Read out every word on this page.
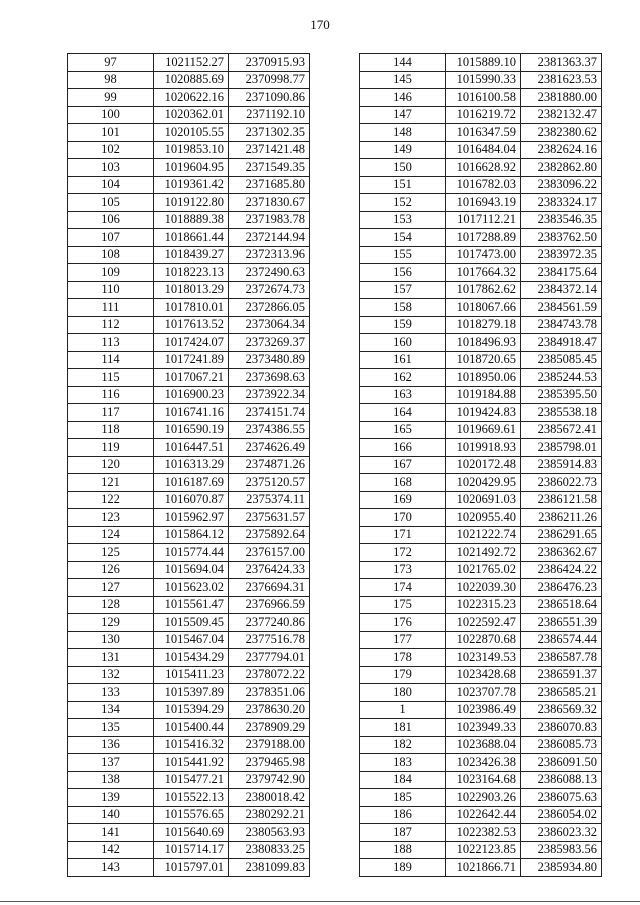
170
97	1021152.27	2370915.93
98	1020885.69	2370998.77
99	1020622.16	2371090.86
100	1020362.01	2371192.10
101	1020105.55	2371302.35
102	1019853.10	2371421.48
103	1019604.95	2371549.35
104	1019361.42	2371685.80
105	1019122.80	2371830.67
106	1018889.38	2371983.78
107	1018661.44	2372144.94
108	1018439.27	2372313.96
109	1018223.13	2372490.63
110	1018013.29	2372674.73
111	1017810.01	2372866.05
112	1017613.52	2373064.34
113	1017424.07	2373269.37
114	1017241.89	2373480.89
115	1017067.21	2373698.63
116	1016900.23	2373922.34
117	1016741.16	2374151.74
118	1016590.19	2374386.55
119	1016447.51	2374626.49
120	1016313.29	2374871.26
121	1016187.69	2375120.57
122	1016070.87	2375374.11
123	1015962.97	2375631.57
124	1015864.12	2375892.64
125	1015774.44	2376157.00
126	1015694.04	2376424.33
127	1015623.02	2376694.31
128	1015561.47	2376966.59
129	1015509.45	2377240.86
130	1015467.04	2377516.78
131	1015434.29	2377794.01
132	1015411.23	2378072.22
133	1015397.89	2378351.06
134	1015394.29	2378630.20
135	1015400.44	2378909.29
136	1015416.32	2379188.00
137	1015441.92	2379465.98
138	1015477.21	2379742.90
139	1015522.13	2380018.42
140	1015576.65	2380292.21
141	1015640.69	2380563.93
142	1015714.17	2380833.25
143	1015797.01	2381099.83
144	1015889.10	2381363.37
145	1015990.33	2381623.53
146	1016100.58	2381880.00
147	1016219.72	2382132.47
148	1016347.59	2382380.62
149	1016484.04	2382624.16
150	1016628.92	2382862.80
151	1016782.03	2383096.22
152	1016943.19	2383324.17
153	1017112.21	2383546.35
154	1017288.89	2383762.50
155	1017473.00	2383972.35
156	1017664.32	2384175.64
157	1017862.62	2384372.14
158	1018067.66	2384561.59
159	1018279.18	2384743.78
160	1018496.93	2384918.47
161	1018720.65	2385085.45
162	1018950.06	2385244.53
163	1019184.88	2385395.50
164	1019424.83	2385538.18
165	1019669.61	2385672.41
166	1019918.93	2385798.01
167	1020172.48	2385914.83
168	1020429.95	2386022.73
169	1020691.03	2386121.58
170	1020955.40	2386211.26
171	1021222.74	2386291.65
172	1021492.72	2386362.67
173	1021765.02	2386424.22
174	1022039.30	2386476.23
175	1022315.23	2386518.64
176	1022592.47	2386551.39
177	1022870.68	2386574.44
178	1023149.53	2386587.78
179	1023428.68	2386591.37
180	1023707.78	2386585.21
1	1023986.49	2386569.32
181	1023949.33	2386070.83
182	1023688.04	2386085.73
183	1023426.38	2386091.50
184	1023164.68	2386088.13
185	1022903.26	2386075.63
186	1022642.44	2386054.02
187	1022382.53	2386023.32
188	1022123.85	2385983.56
189	1021866.71	2385934.80
